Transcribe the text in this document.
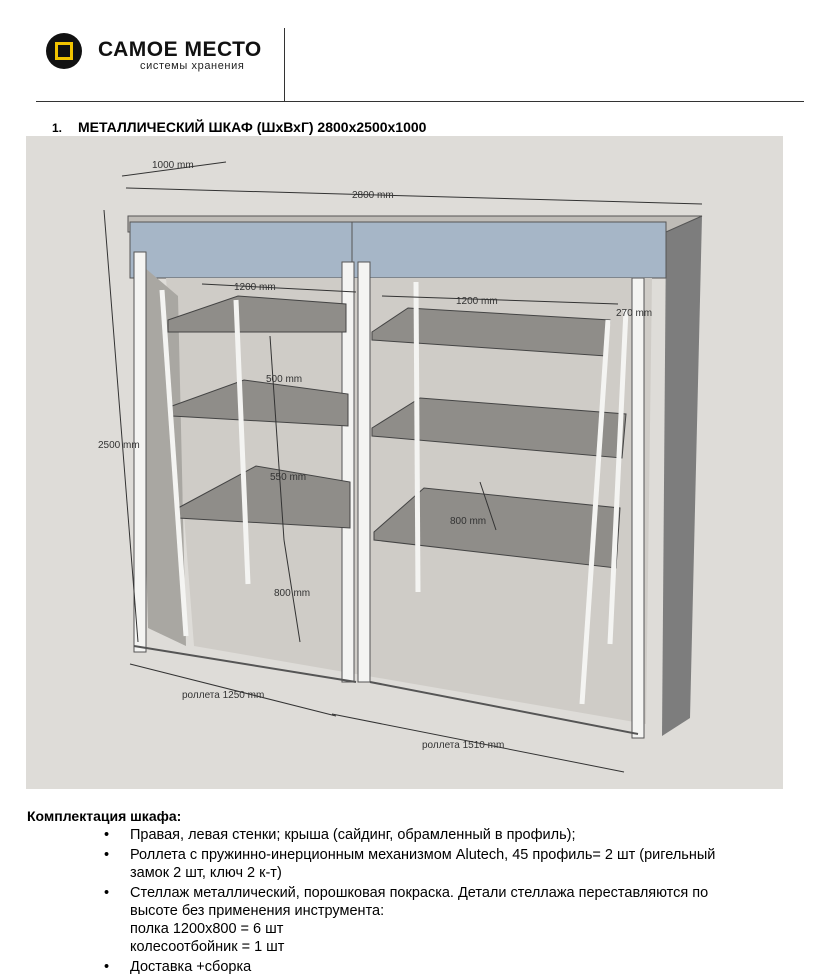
САМОЕ МЕСТО
системы хранения
1. МЕТАЛЛИЧЕСКИЙ ШКАФ (ШхВхГ) 2800х2500х1000
1000 mm
2800 mm
2500 mm
1200 mm
1200 mm
270 mm
500 mm
550 mm
800 mm
800 mm
роллета 1250 mm
роллета 1510 mm
Комплектация шкафа:
• Правая, левая стенки; крыша (сайдинг, обрамленный в профиль);
• Роллета с пружинно-инерционным механизмом Alutech, 45 профиль= 2 шт (ригельный
замок 2 шт, ключ 2 к-т)
• Стеллаж металлический, порошковая покраска. Детали стеллажа переставляются по
высоте без применения инструмента:
полка 1200х800 = 6 шт
колесоотбойник = 1 шт
• Доставка +сборка
